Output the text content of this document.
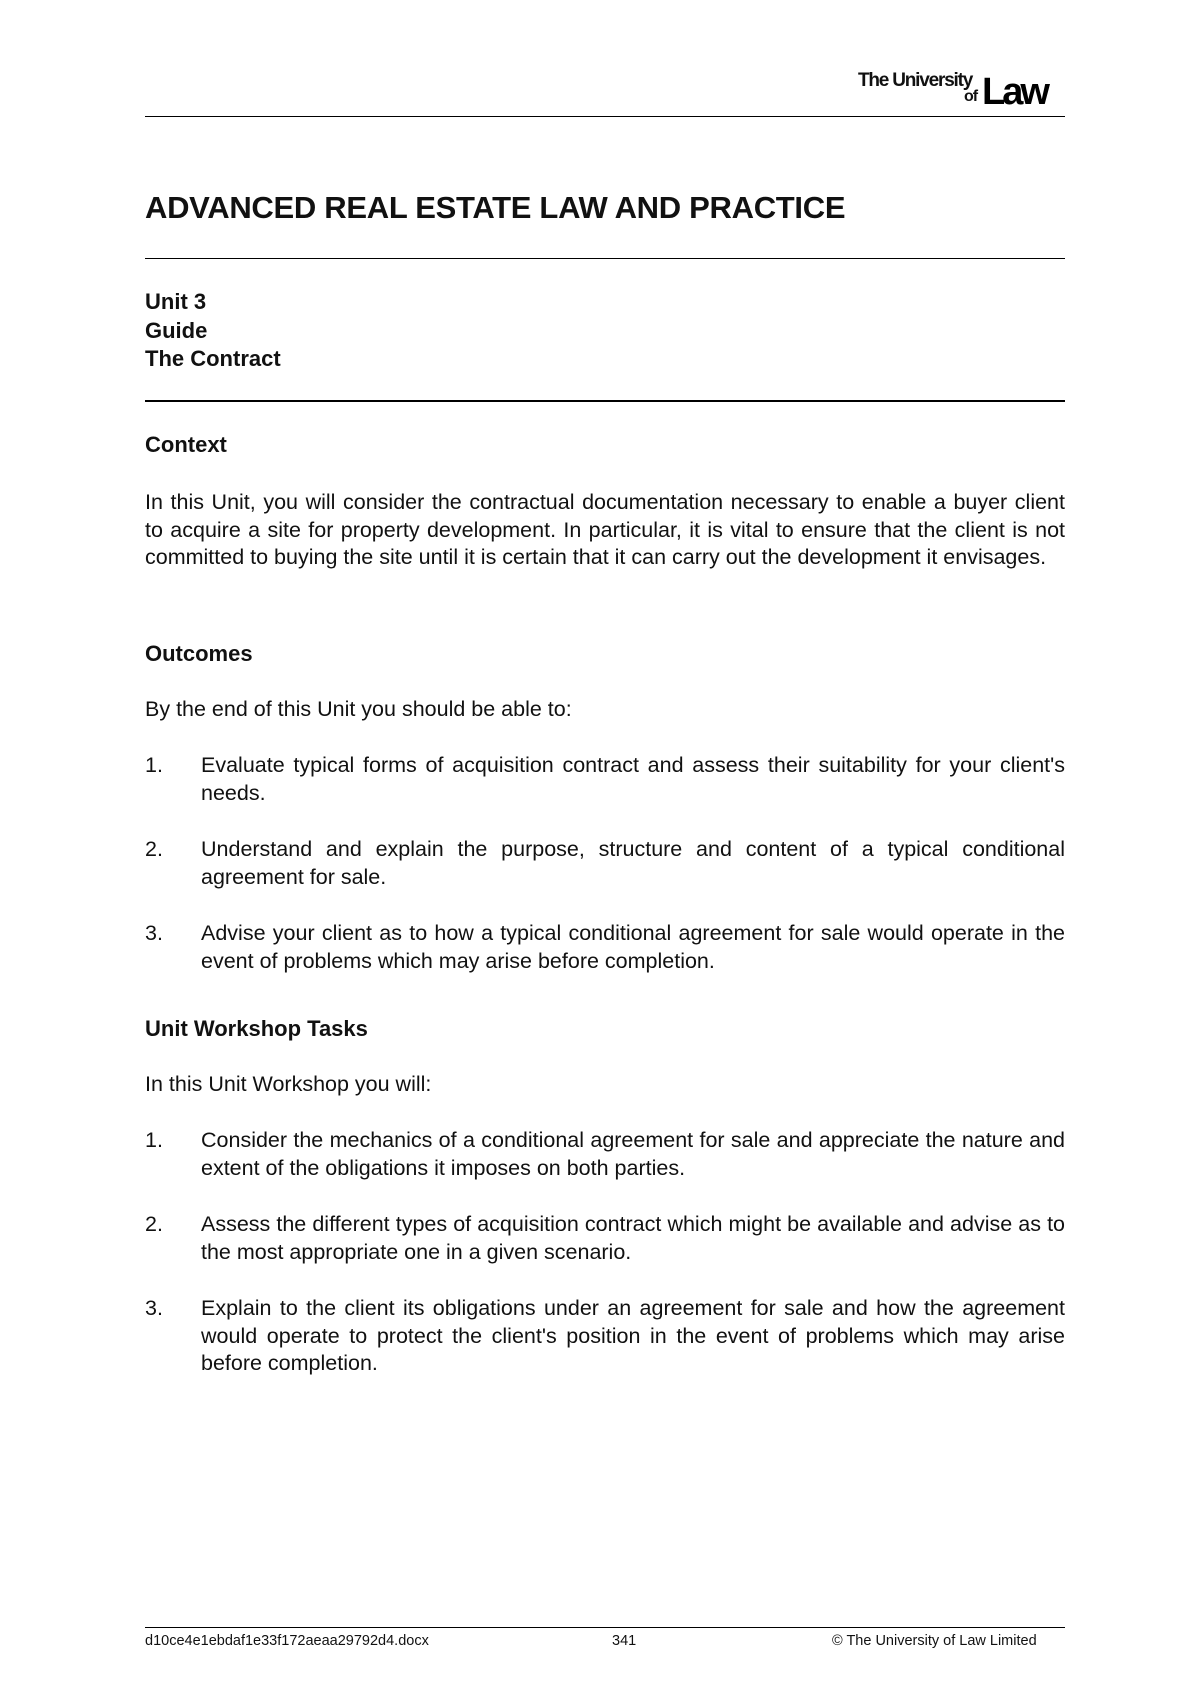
The University
of Law
ADVANCED REAL ESTATE LAW AND PRACTICE
Unit 3
Guide
The Contract
Context
In this Unit, you will consider the contractual documentation necessary to enable a buyer client to acquire a site for property development. In particular, it is vital to ensure that the client is not committed to buying the site until it is certain that it can carry out the development it envisages.
Outcomes
By the end of this Unit you should be able to:
1. Evaluate typical forms of acquisition contract and assess their suitability for your client's needs.
2. Understand and explain the purpose, structure and content of a typical conditional agreement for sale.
3. Advise your client as to how a typical conditional agreement for sale would operate in the event of problems which may arise before completion.
Unit Workshop Tasks
In this Unit Workshop you will:
1. Consider the mechanics of a conditional agreement for sale and appreciate the nature and extent of the obligations it imposes on both parties.
2. Assess the different types of acquisition contract which might be available and advise as to the most appropriate one in a given scenario.
3. Explain to the client its obligations under an agreement for sale and how the agreement would operate to protect the client's position in the event of problems which may arise before completion.
d10ce4e1ebdaf1e33f172aeaa29792d4.docx	341	© The University of Law Limited
